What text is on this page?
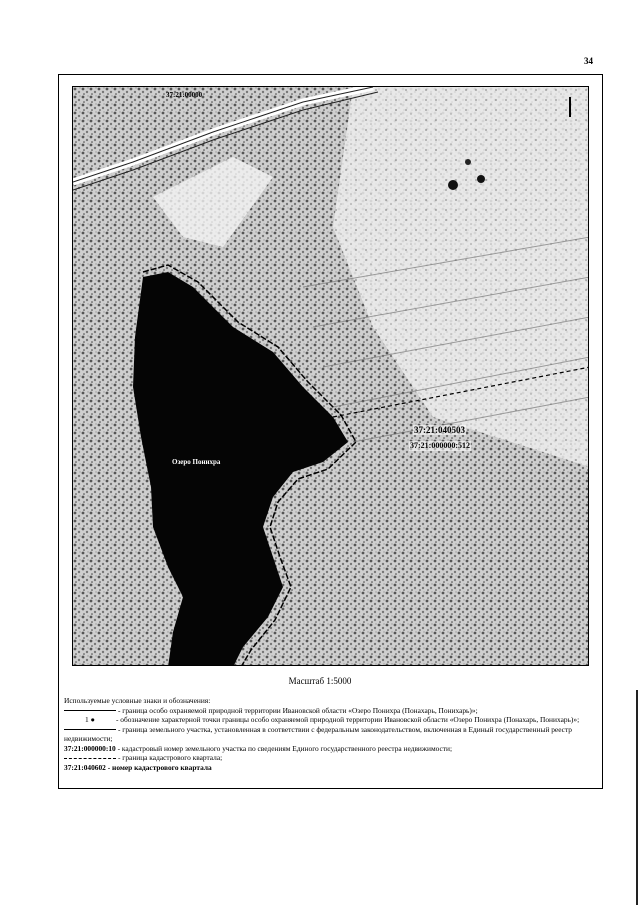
34
37:21:040503
37:21:000000:512
37:21:00000
Озеро Понихра
Масштаб 1:5000
Используемые условные знаки и обозначения:
- граница особо охраняемой природной территории Ивановской области «Озеро Понихра (Понахарь, Понихарь)»;
1 ●	- обозначение характерной точки границы особо охраняемой природной территории Ивановской области «Озеро Понихра (Понахарь, Понихарь)»;
- граница земельного участка, установленная в соответствии с федеральным законодательством, включенная в Единый государственный реестр недвижимости;
37:21:000000:10 - кадастровый номер земельного участка по сведениям Единого государственного реестра недвижимости;
- граница кадастрового квартала;
37:21:040602 - номер кадастрового квартала
